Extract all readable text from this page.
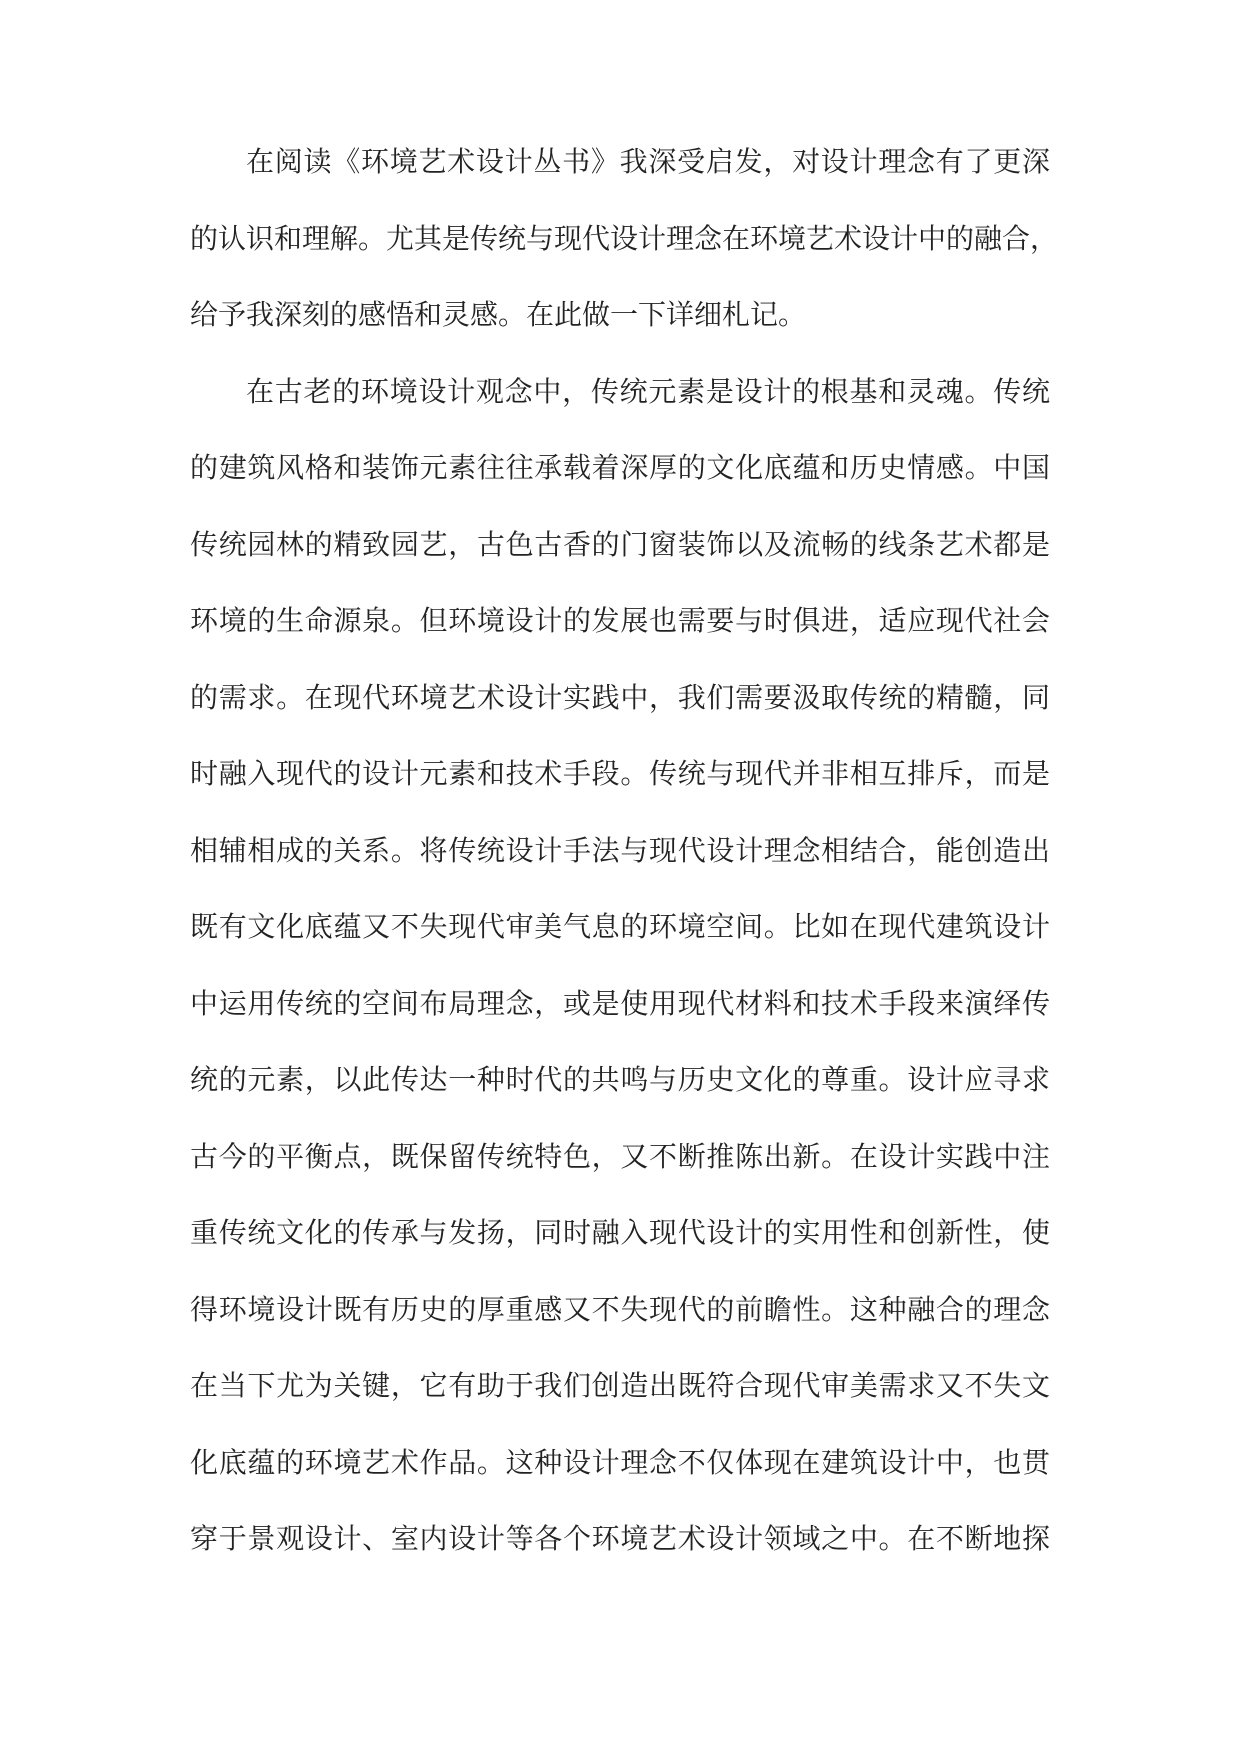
在阅读《环境艺术设计丛书》我深受启发，对设计理念有了更深

的认识和理解。尤其是传统与现代设计理念在环境艺术设计中的融合，

给予我深刻的感悟和灵感。在此做一下详细札记。

在古老的环境设计观念中，传统元素是设计的根基和灵魂。传统

的建筑风格和装饰元素往往承载着深厚的文化底蕴和历史情感。中国

传统园林的精致园艺，古色古香的门窗装饰以及流畅的线条艺术都是

环境的生命源泉。但环境设计的发展也需要与时俱进，适应现代社会

的需求。在现代环境艺术设计实践中，我们需要汲取传统的精髓，同

时融入现代的设计元素和技术手段。传统与现代并非相互排斥，而是

相辅相成的关系。将传统设计手法与现代设计理念相结合，能创造出

既有文化底蕴又不失现代审美气息的环境空间。比如在现代建筑设计

中运用传统的空间布局理念，或是使用现代材料和技术手段来演绎传

统的元素，以此传达一种时代的共鸣与历史文化的尊重。设计应寻求

古今的平衡点，既保留传统特色，又不断推陈出新。在设计实践中注

重传统文化的传承与发扬，同时融入现代设计的实用性和创新性，使

得环境设计既有历史的厚重感又不失现代的前瞻性。这种融合的理念

在当下尤为关键，它有助于我们创造出既符合现代审美需求又不失文

化底蕴的环境艺术作品。这种设计理念不仅体现在建筑设计中，也贯

穿于景观设计、室内设计等各个环境艺术设计领域之中。在不断地探
